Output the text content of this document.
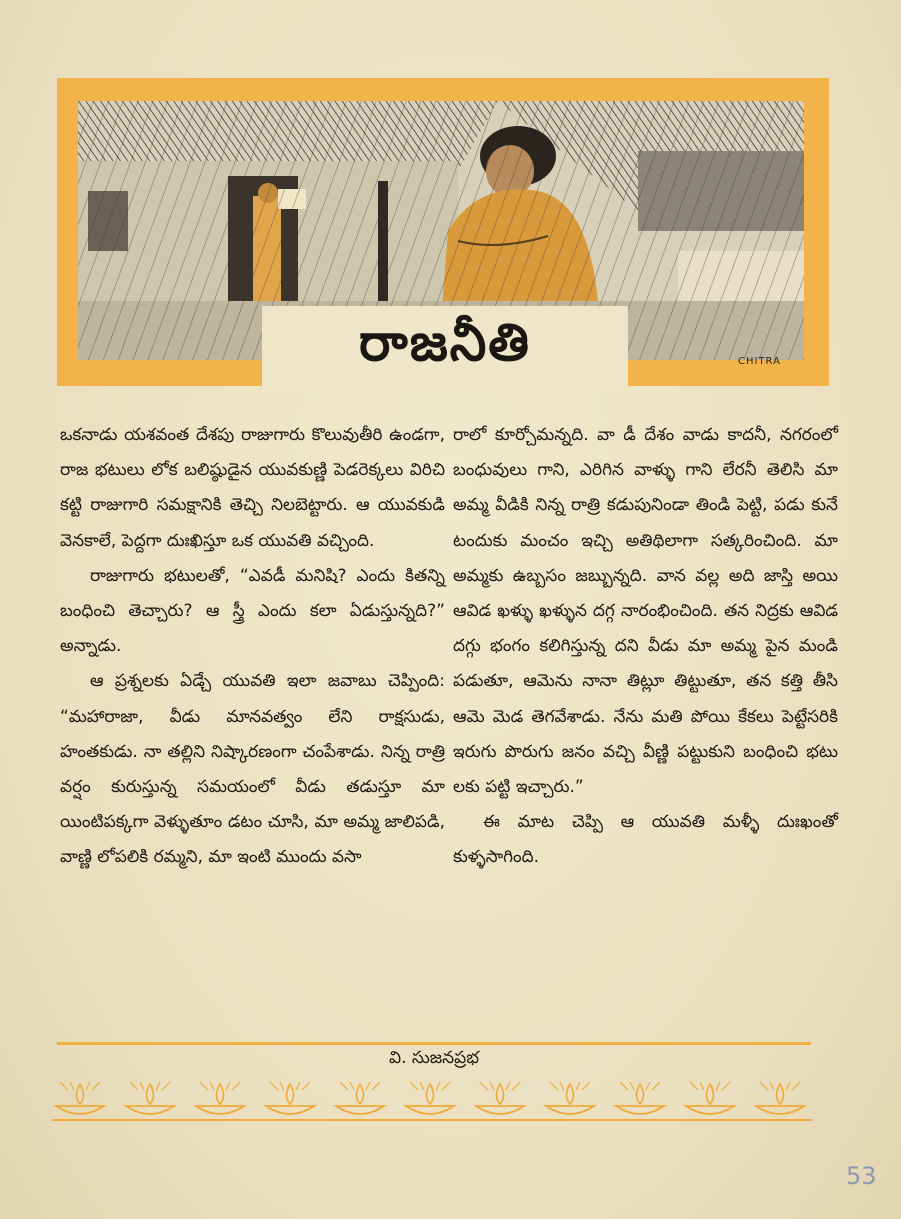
రాజనీతి	CHITRA

ఒకనాడు యశవంత దేశపు రాజుగారు కొలువుతీరి ఉండగా, రాజ భటులు లోక బలిష్ఠుడైన యువకుణ్ణి పెడరెక్కలు విరిచి కట్టి రాజుగారి సమక్షానికి తెచ్చి నిలబెట్టారు. ఆ యువకుడి వెనకాలే, పెద్దగా దుఃఖిస్తూ ఒక యువతి వచ్చింది.

రాజుగారు భటులతో, “ఎవడీ మనిషి? ఎందు కితన్ని బంధించి తెచ్చారు? ఆ స్త్రీ ఎందు కలా ఏడుస్తున్నది?” అన్నాడు.

ఆ ప్రశ్నలకు ఏడ్చే యువతి ఇలా జవాబు చెప్పింది: “మహారాజా, వీడు మానవత్వం లేని రాక్షసుడు, హంతకుడు. నా తల్లిని నిష్కారణంగా చంపేశాడు. నిన్న రాత్రి వర్షం కురుస్తున్న సమయంలో వీడు తడుస్తూ మా యింటిపక్కగా వెళ్ళుతూం డటం చూసి, మా అమ్మ జాలిపడి, వాణ్ణి లోపలికి రమ్మని, మా ఇంటి ముందు వసా

రాలో కూర్చోమన్నది. వా డీ దేశం వాడు కాదనీ, నగరంలో బంధువులు గాని, ఎరిగిన వాళ్ళు గాని లేరనీ తెలిసి మా అమ్మ వీడికి నిన్న రాత్రి కడుపునిండా తిండి పెట్టి, పడు కునే టందుకు మంచం ఇచ్చి అతిథిలాగా సత్కరించింది. మా అమ్మకు ఉబ్బసం జబ్బున్నది. వాన వల్ల అది జాస్తి అయి ఆవిడ ఖళ్ళు ఖళ్ళున దగ్గ నారంభించింది. తన నిద్రకు ఆవిడ దగ్గు భంగం కలిగిస్తున్న దని వీడు మా అమ్మ పైన మండి పడుతూ, ఆమెను నానా తిట్లూ తిట్టుతూ, తన కత్తి తీసి ఆమె మెడ తెగవేశాడు. నేను మతి పోయి కేకలు పెట్టేసరికి ఇరుగు పొరుగు జనం వచ్చి వీణ్ణి పట్టుకుని బంధించి భటు లకు పట్టి ఇచ్చారు.”

ఈ మాట చెప్పి ఆ యువతి మళ్ళీ దుఃఖంతో కుళ్ళసాగింది.

వి. సుజనప్రభ
53
